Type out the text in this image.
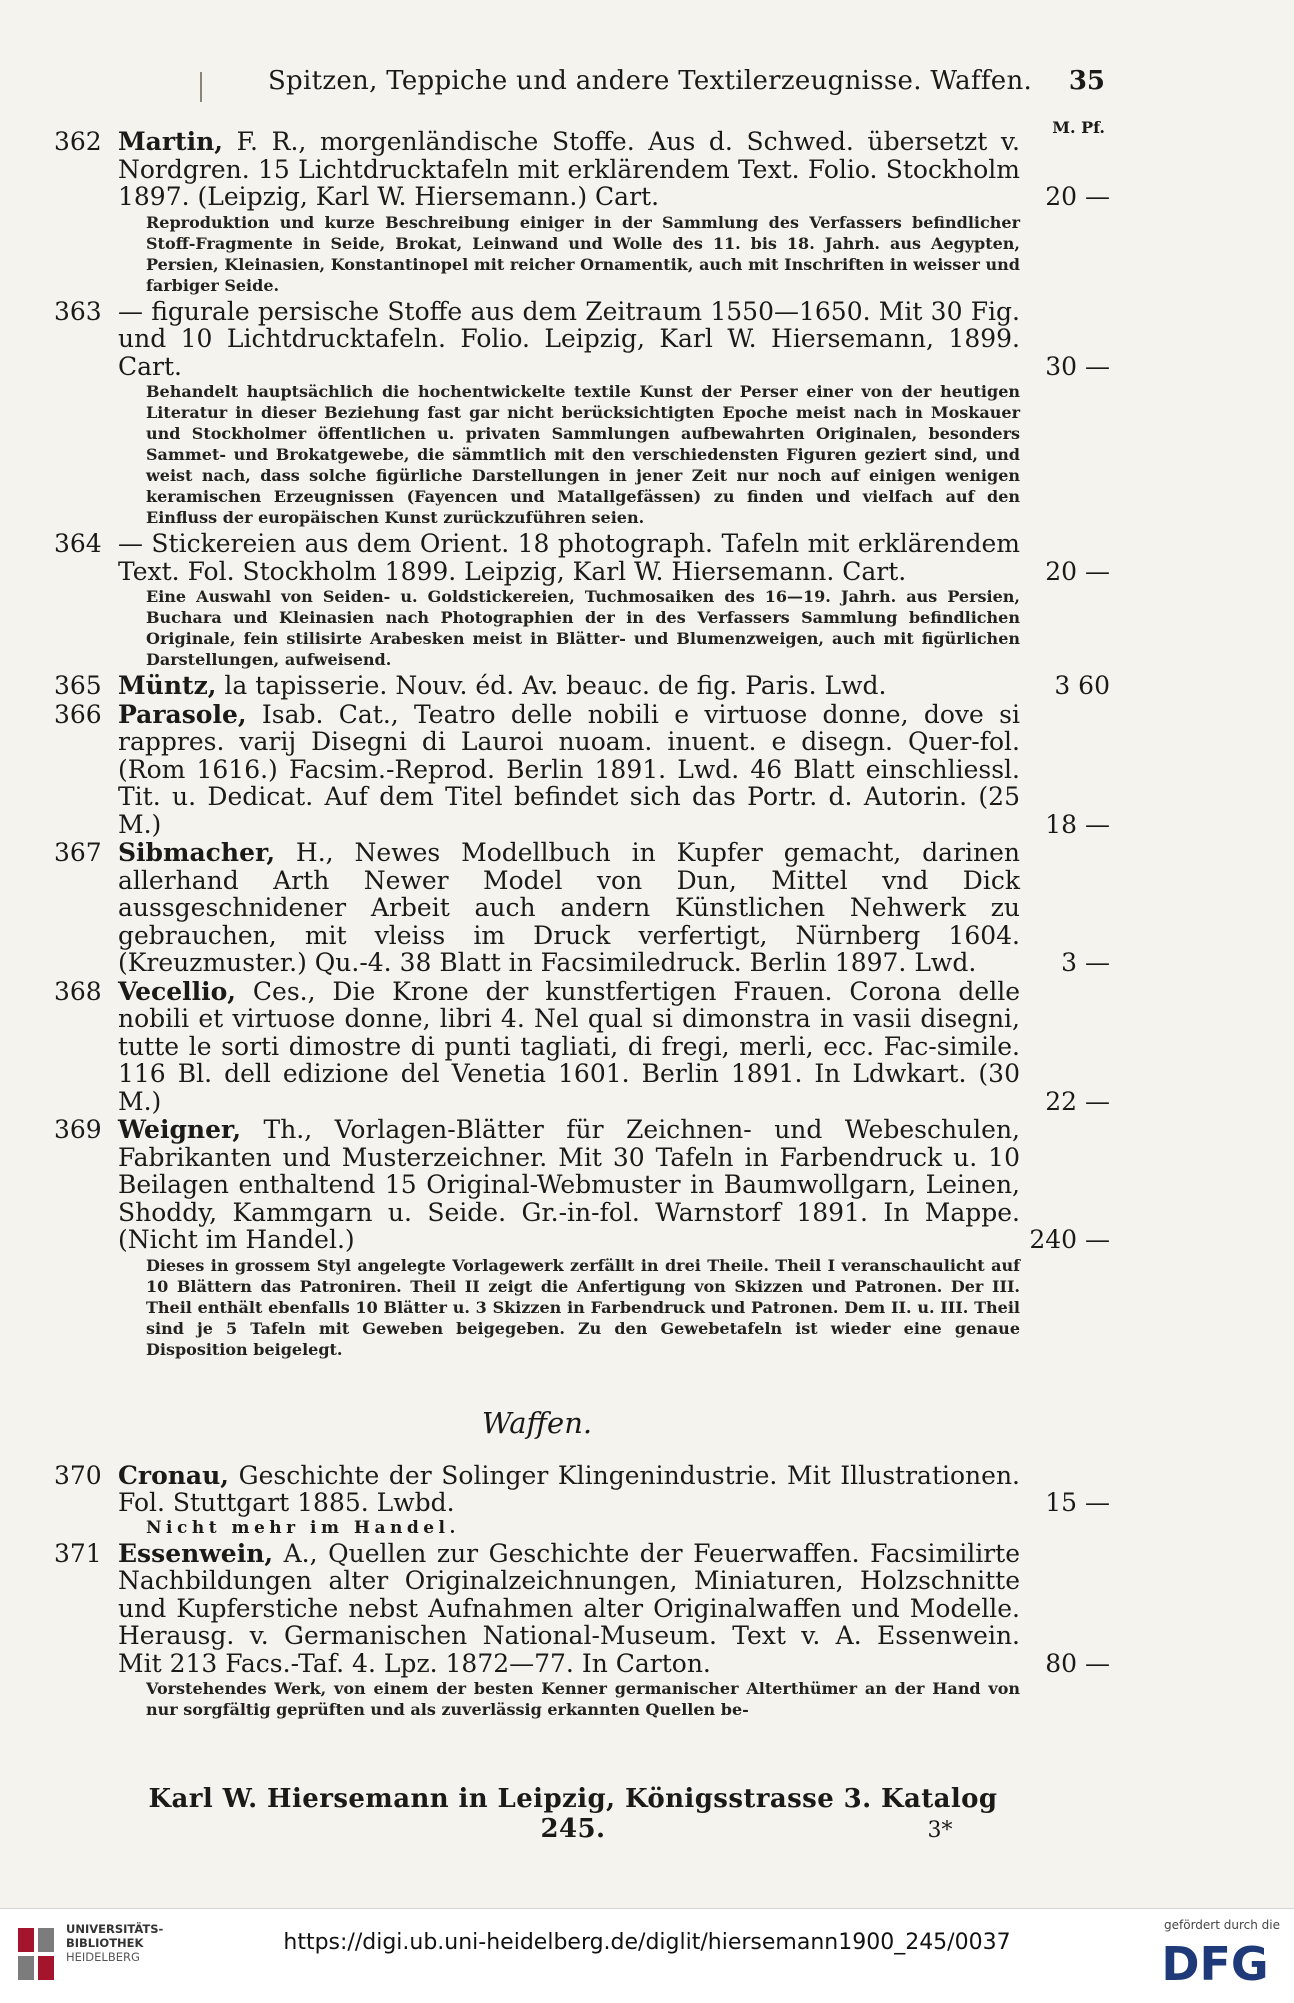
Spitzen, Teppiche und andere Textilerzeugnisse. Waffen.	35
M. Pf.
362 Martin, F. R., morgenländische Stoffe. Aus d. Schwed. übersetzt v. Nordgren. 15 Lichtdrucktafeln mit erklärendem Text. Folio. Stockholm 1897. (Leipzig, Karl W. Hiersemann.) Cart.	20 —
Reproduktion und kurze Beschreibung einiger in der Sammlung des Verfassers befindlicher Stoff-Fragmente in Seide, Brokat, Leinwand und Wolle des 11. bis 18. Jahrh. aus Aegypten, Persien, Kleinasien, Konstantinopel mit reicher Ornamentik, auch mit Inschriften in weisser und farbiger Seide.
363 — figurale persische Stoffe aus dem Zeitraum 1550—1650. Mit 30 Fig. und 10 Lichtdrucktafeln. Folio. Leipzig, Karl W. Hiersemann, 1899. Cart.	30 —
Behandelt hauptsächlich die hochentwickelte textile Kunst der Perser einer von der heutigen Literatur in dieser Beziehung fast gar nicht berücksichtigten Epoche meist nach in Moskauer und Stockholmer öffentlichen u. privaten Sammlungen aufbewahrten Originalen, besonders Sammet- und Brokatgewebe, die sämmtlich mit den verschiedensten Figuren geziert sind, und weist nach, dass solche figürliche Darstellungen in jener Zeit nur noch auf einigen wenigen keramischen Erzeugnissen (Fayencen und Matallgefässen) zu finden und vielfach auf den Einfluss der europäischen Kunst zurückzuführen seien.
364 — Stickereien aus dem Orient. 18 photograph. Tafeln mit erklärendem Text. Fol. Stockholm 1899. Leipzig, Karl W. Hiersemann. Cart.	20 —
Eine Auswahl von Seiden- u. Goldstickereien, Tuchmosaiken des 16—19. Jahrh. aus Persien, Buchara und Kleinasien nach Photographien der in des Verfassers Sammlung befindlichen Originale, fein stilisirte Arabesken meist in Blätter- und Blumenzweigen, auch mit figürlichen Darstellungen, aufweisend.
365 Müntz, la tapisserie. Nouv. éd. Av. beauc. de fig. Paris. Lwd.	3 60
366 Parasole, Isab. Cat., Teatro delle nobili e virtuose donne, dove si rappres. varij Disegni di Lauroi nuoam. inuent. e disegn. Quer-fol. (Rom 1616.) Facsim.-Reprod. Berlin 1891. Lwd. 46 Blatt einschliessl. Tit. u. Dedicat. Auf dem Titel befindet sich das Portr. d. Autorin. (25 M.)	18 —
367 Sibmacher, H., Newes Modellbuch in Kupfer gemacht, darinen allerhand Arth Newer Model von Dun, Mittel vnd Dick aussgeschnidener Arbeit auch andern Künstlichen Nehwerk zu gebrauchen, mit vleiss im Druck verfertigt, Nürnberg 1604. (Kreuzmuster.) Qu.-4. 38 Blatt in Facsimiledruck. Berlin 1897. Lwd.	3 —
368 Vecellio, Ces., Die Krone der kunstfertigen Frauen. Corona delle nobili et virtuose donne, libri 4. Nel qual si dimonstra in vasii disegni, tutte le sorti dimostre di punti tagliati, di fregi, merli, ecc. Fac-simile. 116 Bl. dell edizione del Venetia 1601. Berlin 1891. In Ldwkart. (30 M.)	22 —
369 Weigner, Th., Vorlagen-Blätter für Zeichnen- und Webeschulen, Fabrikanten und Musterzeichner. Mit 30 Tafeln in Farbendruck u. 10 Beilagen enthaltend 15 Original-Webmuster in Baumwollgarn, Leinen, Shoddy, Kammgarn u. Seide. Gr.-in-fol. Warnstorf 1891. In Mappe. (Nicht im Handel.)	240 —
Dieses in grossem Styl angelegte Vorlagewerk zerfällt in drei Theile. Theil I veranschaulicht auf 10 Blättern das Patroniren. Theil II zeigt die Anfertigung von Skizzen und Patronen. Der III. Theil enthält ebenfalls 10 Blätter u. 3 Skizzen in Farbendruck und Patronen. Dem II. u. III. Theil sind je 5 Tafeln mit Geweben beigegeben. Zu den Gewebetafeln ist wieder eine genaue Disposition beigelegt.
Waffen.
370 Cronau, Geschichte der Solinger Klingenindustrie. Mit Illustrationen. Fol. Stuttgart 1885. Lwbd.	15 —
Nicht mehr im Handel.
371 Essenwein, A., Quellen zur Geschichte der Feuerwaffen. Facsimilirte Nachbildungen alter Originalzeichnungen, Miniaturen, Holzschnitte und Kupferstiche nebst Aufnahmen alter Originalwaffen und Modelle. Herausg. v. Germanischen National-Museum. Text v. A. Essenwein. Mit 213 Facs.-Taf. 4. Lpz. 1872—77. In Carton.	80 —
Vorstehendes Werk, von einem der besten Kenner germanischer Alterthümer an der Hand von nur sorgfältig geprüften und als zuverlässig erkannten Quellen be-
Karl W. Hiersemann in Leipzig, Königsstrasse 3. Katalog 245.	3*
UNIVERSITÄTS-
BIBLIOTHEK
HEIDELBERG
https://digi.ub.uni-heidelberg.de/diglit/hiersemann1900_245/0037
gefördert durch die
DFG
